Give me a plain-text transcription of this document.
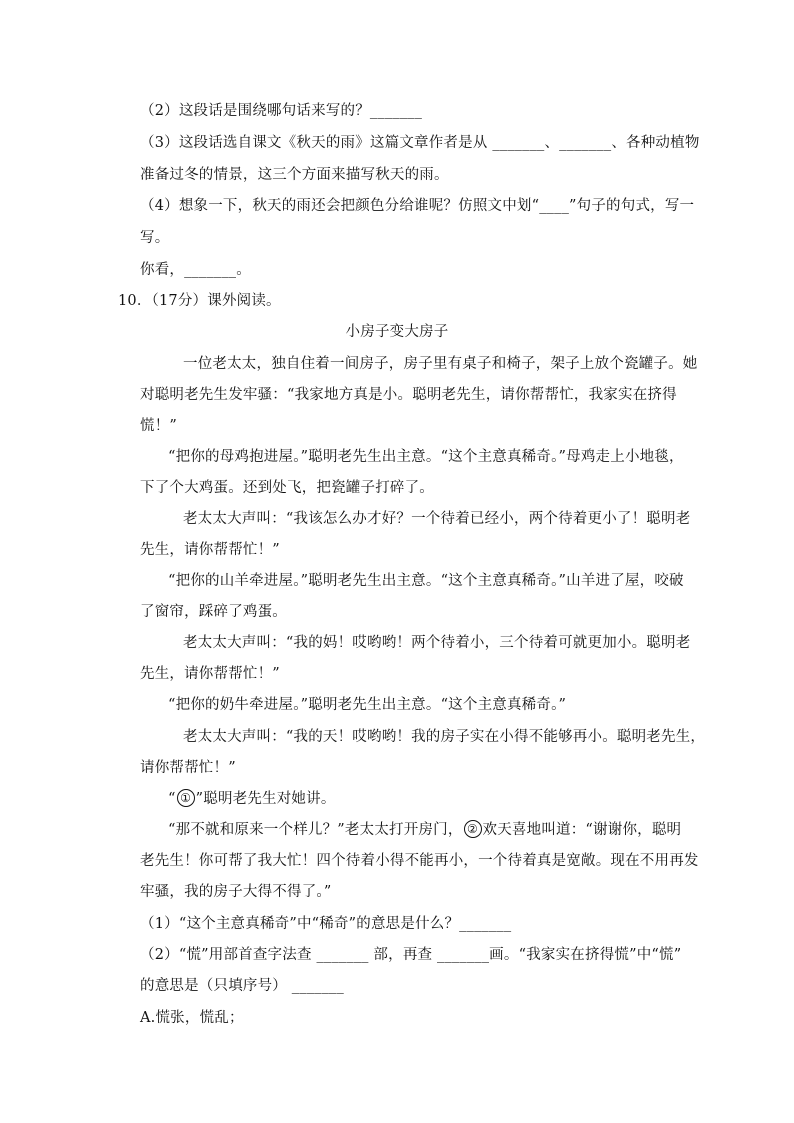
（2）这段话是围绕哪句话来写的？_______
（3）这段话选自课文《秋天的雨》这篇文章作者是从 _______、_______、各种动植物
准备过冬的情景，这三个方面来描写秋天的雨。
（4）想象一下，秋天的雨还会把颜色分给谁呢？仿照文中划“____”句子的句式，写一
写。
你看，_______。
10．（17分）课外阅读。
小房子变大房子
一位老太太，独自住着一间房子，房子里有桌子和椅子，架子上放个瓷罐子。她
对聪明老先生发牢骚：“我家地方真是小。聪明老先生，请你帮帮忙，我家实在挤得
慌！”
“把你的母鸡抱进屋。”聪明老先生出主意。“这个主意真稀奇。”母鸡走上小地毯，
下了个大鸡蛋。还到处飞，把瓷罐子打碎了。
老太太大声叫：“我该怎么办才好？一个待着已经小，两个待着更小了！聪明老
先生，请你帮帮忙！”
“把你的山羊牵进屋。”聪明老先生出主意。“这个主意真稀奇。”山羊进了屋，咬破
了窗帘，踩碎了鸡蛋。
老太太大声叫：“我的妈！哎哟哟！两个待着小，三个待着可就更加小。聪明老
先生，请你帮帮忙！”
“把你的奶牛牵进屋。”聪明老先生出主意。“这个主意真稀奇。”
老太太大声叫：“我的天！哎哟哟！我的房子实在小得不能够再小。聪明老先生，
请你帮帮忙！”
“ ① ”聪明老先生对她讲。
“那不就和原来一个样儿？”老太太打开房门， ② 欢天喜地叫道：“谢谢你，聪明
老先生！你可帮了我大忙！四个待着小得不能再小，一个待着真是宽敞。现在不用再发
牢骚，我的房子大得不得了。”
（1）“这个主意真稀奇”中“稀奇”的意思是什么？_______
（2）“慌”用部首查字法查 _______ 部，再查 _______画。“我家实在挤得慌”中“慌”
的意思是（只填序号） _______
A.慌张，慌乱；
